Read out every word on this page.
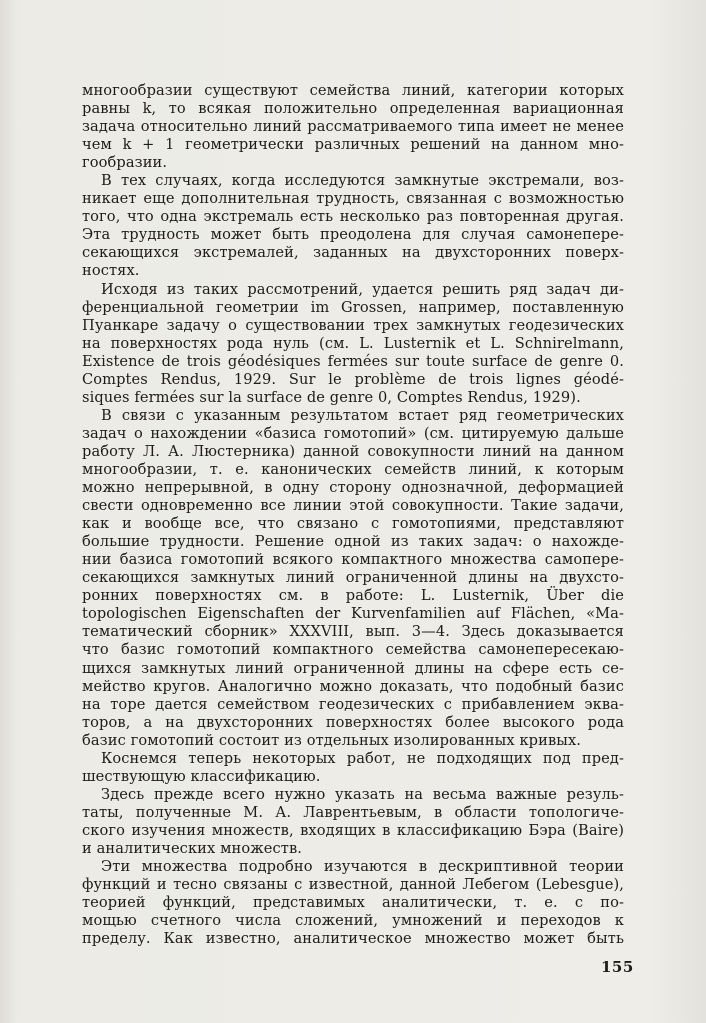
многообразии существуют семейства линий, категории которых
равны k, то всякая положительно определенная вариационная
задача относительно линий рассматриваемого типа имеет не менее
чем k + 1 геометрически различных решений на данном мно-
гообразии.
В тех случаях, когда исследуются замкнутые экстремали, воз-
никает еще дополнительная трудность, связанная с возможностью
того, что одна экстремаль есть несколько раз повторенная другая.
Эта трудность может быть преодолена для случая самонепере-
секающихся экстремалей, заданных на двухсторонних поверх-
ностях.
Исходя из таких рассмотрений, удается решить ряд задач ди-
ференциальной геометрии im Grossen, например, поставленную
Пуанкаре задачу о существовании трех замкнутых геодезических
на поверхностях рода нуль (см. L. Lusternik et L. Schnirelmann,
Existence de trois géodésiques fermées sur toute surface de genre 0.
Comptes Rendus, 1929. Sur le problème de trois lignes géodé-
siques fermées sur la surface de genre 0, Comptes Rendus, 1929).
В связи с указанным результатом встает ряд геометрических
задач о нахождении «базиса гомотопий» (см. цитируемую дальше
работу Л. А. Люстерника) данной совокупности линий на данном
многообразии, т. е. канонических семейств линий, к которым
можно непрерывной, в одну сторону однозначной, деформацией
свести одновременно все линии этой совокупности. Такие задачи,
как и вообще все, что связано с гомотопиями, представляют
большие трудности. Решение одной из таких задач: о нахожде-
нии базиса гомотопий всякого компактного множества самопере-
секающихся замкнутых линий ограниченной длины на двухсто-
ронних поверхностях см. в работе: L. Lusternik, Über die
topologischen Eigenschaften der Kurvenfamilien auf Flächen, «Ма-
тематический сборник» XXXVIII, вып. 3—4. Здесь доказывается
что базис гомотопий компактного семейства самонепересекаю-
щихся замкнутых линий ограниченной длины на сфере есть се-
мейство кругов. Аналогично можно доказать, что подобный базис
на торе дается семейством геодезических с прибавлением эква-
торов, а на двухсторонних поверхностях более высокого рода
базис гомотопий состоит из отдельных изолированных кривых.
Коснемся теперь некоторых работ, не подходящих под пред-
шествующую классификацию.
Здесь прежде всего нужно указать на весьма важные резуль-
таты, полученные М. А. Лаврентьевым, в области топологиче-
ского изучения множеств, входящих в классификацию Бэра (Baire)
и аналитических множеств.
Эти множества подробно изучаются в дескриптивной теории
функций и тесно связаны с известной, данной Лебегом (Lebesgue),
теорией функций, представимых аналитически, т. е. с по-
мощью счетного числа сложений, умножений и переходов к
пределу. Как известно, аналитическое множество может быть
155
